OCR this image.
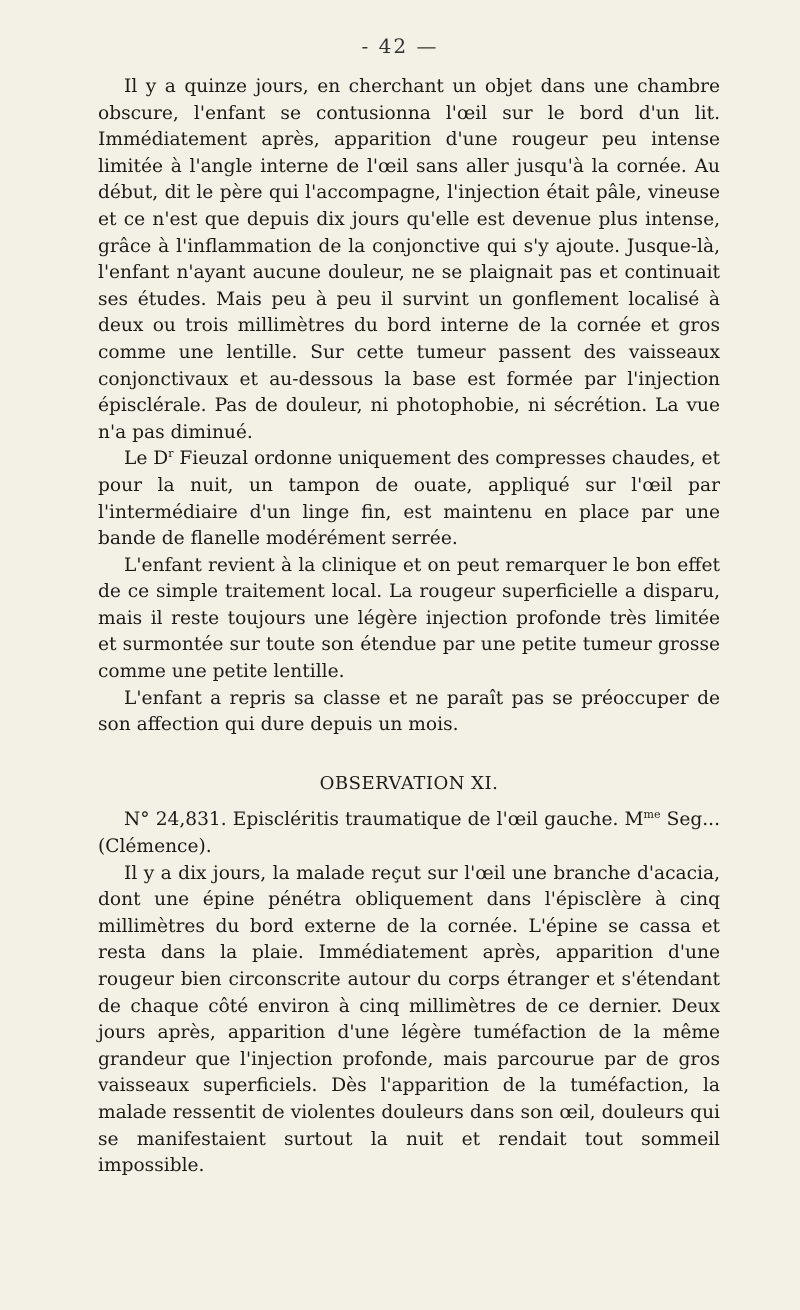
- 42 —

Il y a quinze jours, en cherchant un objet dans une chambre obscure, l'enfant se contusionna l'œil sur le bord d'un lit. Immédiatement après, apparition d'une rougeur peu intense limitée à l'angle interne de l'œil sans aller jusqu'à la cornée. Au début, dit le père qui l'accompagne, l'injection était pâle, vineuse et ce n'est que depuis dix jours qu'elle est devenue plus intense, grâce à l'inflammation de la conjonctive qui s'y ajoute. Jusque-là, l'enfant n'ayant aucune douleur, ne se plaignait pas et continuait ses études. Mais peu à peu il survint un gonflement localisé à deux ou trois millimètres du bord interne de la cornée et gros comme une lentille. Sur cette tumeur passent des vaisseaux conjonctivaux et au-dessous la base est formée par l'injection épisclérale. Pas de douleur, ni photophobie, ni sécrétion. La vue n'a pas diminué.

Le $D^r$ Fieuzal ordonne uniquement des compresses chaudes, et pour la nuit, un tampon de ouate, appliqué sur l'œil par l'intermédiaire d'un linge fin, est maintenu en place par une bande de flanelle modérément serrée.

L'enfant revient à la clinique et on peut remarquer le bon effet de ce simple traitement local. La rougeur superficielle a disparu, mais il reste toujours une légère injection profonde très limitée et surmontée sur toute son étendue par une petite tumeur grosse comme une petite lentille.

L'enfant a repris sa classe et ne paraît pas se préoccuper de son affection qui dure depuis un mois.

OBSERVATION XI.

N° 24,831. Episcléritis traumatique de l'œil gauche. $M^{me}$ Seg... (Clémence).

Il y a dix jours, la malade reçut sur l'œil une branche d'acacia, dont une épine pénétra obliquement dans l'épisclère à cinq millimètres du bord externe de la cornée. L'épine se cassa et resta dans la plaie. Immédiatement après, apparition d'une rougeur bien circonscrite autour du corps étranger et s'étendant de chaque côté environ à cinq millimètres de ce dernier. Deux jours après, apparition d'une légère tuméfaction de la même grandeur que l'injection profonde, mais parcourue par de gros vaisseaux superficiels. Dès l'apparition de la tuméfaction, la malade ressentit de violentes douleurs dans son œil, douleurs qui se manifestaient surtout la nuit et rendait tout sommeil impossible.
